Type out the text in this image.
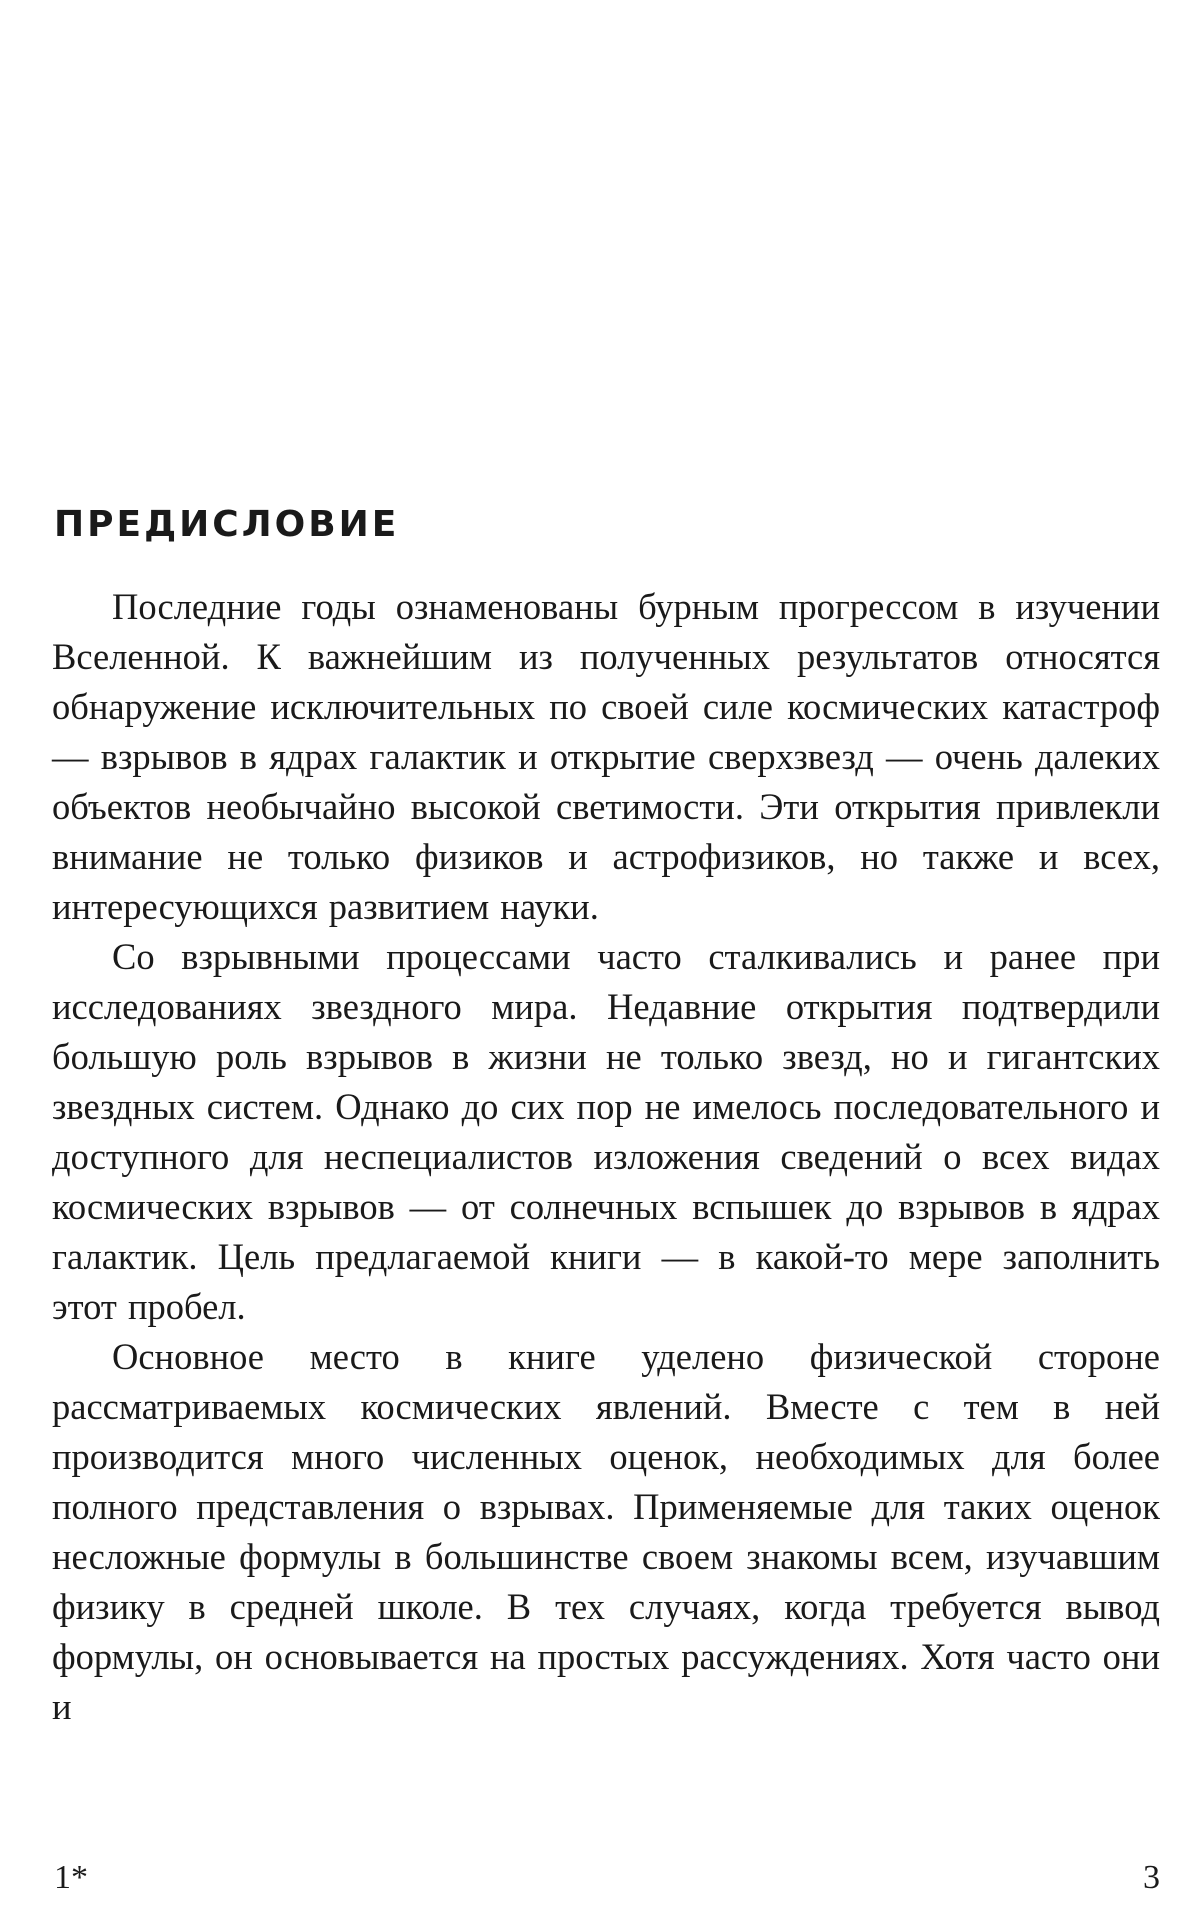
ПРЕДИСЛОВИЕ

Последние годы ознаменованы бурным прогрессом в изучении Вселенной. К важнейшим из полученных результатов относятся обнаружение исключительных по своей силе космических катастроф — взрывов в ядрах галактик и открытие сверхзвезд — очень далеких объектов необычайно высокой светимости. Эти открытия привлекли внимание не только физиков и астрофизиков, но также и всех, интересующихся развитием науки.

Со взрывными процессами часто сталкивались и ранее при исследованиях звездного мира. Недавние открытия подтвердили большую роль взрывов в жизни не только звезд, но и гигантских звездных систем. Однако до сих пор не имелось последовательного и доступного для неспециалистов изложения сведений о всех видах космических взрывов — от солнечных вспышек до взрывов в ядрах галактик. Цель предлагаемой книги — в какой-то мере заполнить этот пробел.

Основное место в книге уделено физической стороне рассматриваемых космических явлений. Вместе с тем в ней производится много численных оценок, необходимых для более полного представления о взрывах. Применяемые для таких оценок несложные формулы в большинстве своем знакомы всем, изучавшим физику в средней школе. В тех случаях, когда требуется вывод формулы, он основывается на простых рассуждениях. Хотя часто они и

1*	3
